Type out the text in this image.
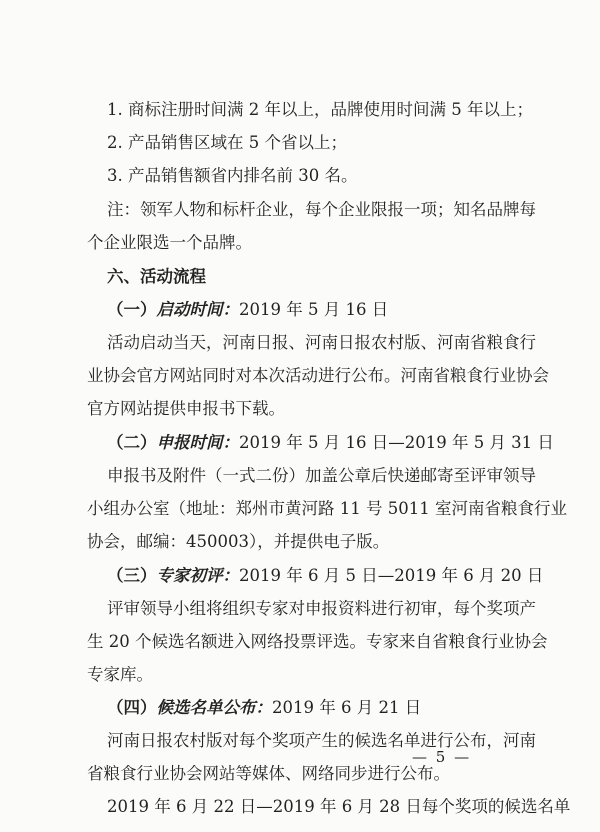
1. 商标注册时间满 2 年以上，品牌使用时间满 5 年以上；
2. 产品销售区域在 5 个省以上；
3. 产品销售额省内排名前 30 名。
注：领军人物和标杆企业，每个企业限报一项；知名品牌每
个企业限选一个品牌。
六、活动流程
（一）启动时间：2019 年 5 月 16 日
活动启动当天，河南日报、河南日报农村版、河南省粮食行
业协会官方网站同时对本次活动进行公布。河南省粮食行业协会
官方网站提供申报书下载。
（二）申报时间：2019 年 5 月 16 日—2019 年 5 月 31 日
申报书及附件（一式二份）加盖公章后快递邮寄至评审领导
小组办公室（地址：郑州市黄河路 11 号 5011 室河南省粮食行业
协会，邮编：450003），并提供电子版。
（三）专家初评：2019 年 6 月 5 日—2019 年 6 月 20 日
评审领导小组将组织专家对申报资料进行初审，每个奖项产
生 20 个候选名额进入网络投票评选。专家来自省粮食行业协会
专家库。
（四）候选名单公布：2019 年 6 月 21 日
河南日报农村版对每个奖项产生的候选名单进行公布，河南
省粮食行业协会网站等媒体、网络同步进行公布。
2019 年 6 月 22 日—2019 年 6 月 28 日每个奖项的候选名单
— 5 —
